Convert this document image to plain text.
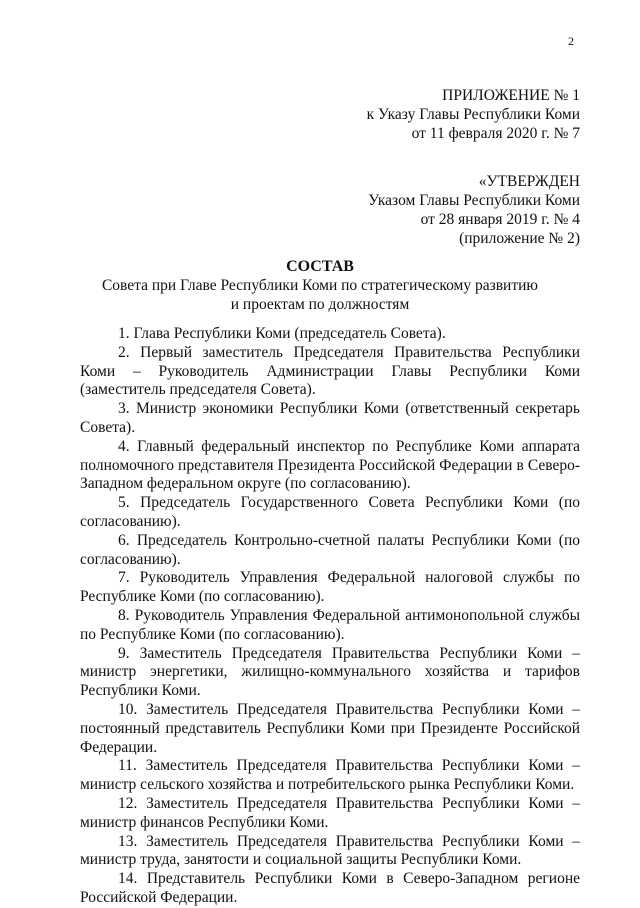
2
ПРИЛОЖЕНИЕ № 1
к Указу Главы Республики Коми
от 11 февраля 2020 г. № 7
«УТВЕРЖДЕН
Указом Главы Республики Коми
от 28 января 2019 г. № 4
(приложение № 2)
СОСТАВ
Совета при Главе Республики Коми по стратегическому развитию
и проектам по должностям

1. Глава Республики Коми (председатель Совета).

2. Первый заместитель Председателя Правительства Республики Коми – Руководитель Администрации Главы Республики Коми (заместитель председателя Совета).

3. Министр экономики Республики Коми (ответственный секретарь Совета).

4. Главный федеральный инспектор по Республике Коми аппарата полномочного представителя Президента Российской Федерации в Северо-Западном федеральном округе (по согласованию).

5. Председатель Государственного Совета Республики Коми (по согласованию).

6. Председатель Контрольно-счетной палаты Республики Коми (по согласованию).

7. Руководитель Управления Федеральной налоговой службы по Республике Коми (по согласованию).

8. Руководитель Управления Федеральной антимонопольной службы по Республике Коми (по согласованию).

9. Заместитель Председателя Правительства Республики Коми – министр энергетики, жилищно-коммунального хозяйства и тарифов Республики Коми.

10. Заместитель Председателя Правительства Республики Коми – постоянный представитель Республики Коми при Президенте Российской Федерации.

11. Заместитель Председателя Правительства Республики Коми – министр сельского хозяйства и потребительского рынка Республики Коми.

12. Заместитель Председателя Правительства Республики Коми – министр финансов Республики Коми.

13. Заместитель Председателя Правительства Республики Коми – министр труда, занятости и социальной защиты Республики Коми.

14. Представитель Республики Коми в Северо-Западном регионе Российской Федерации.
